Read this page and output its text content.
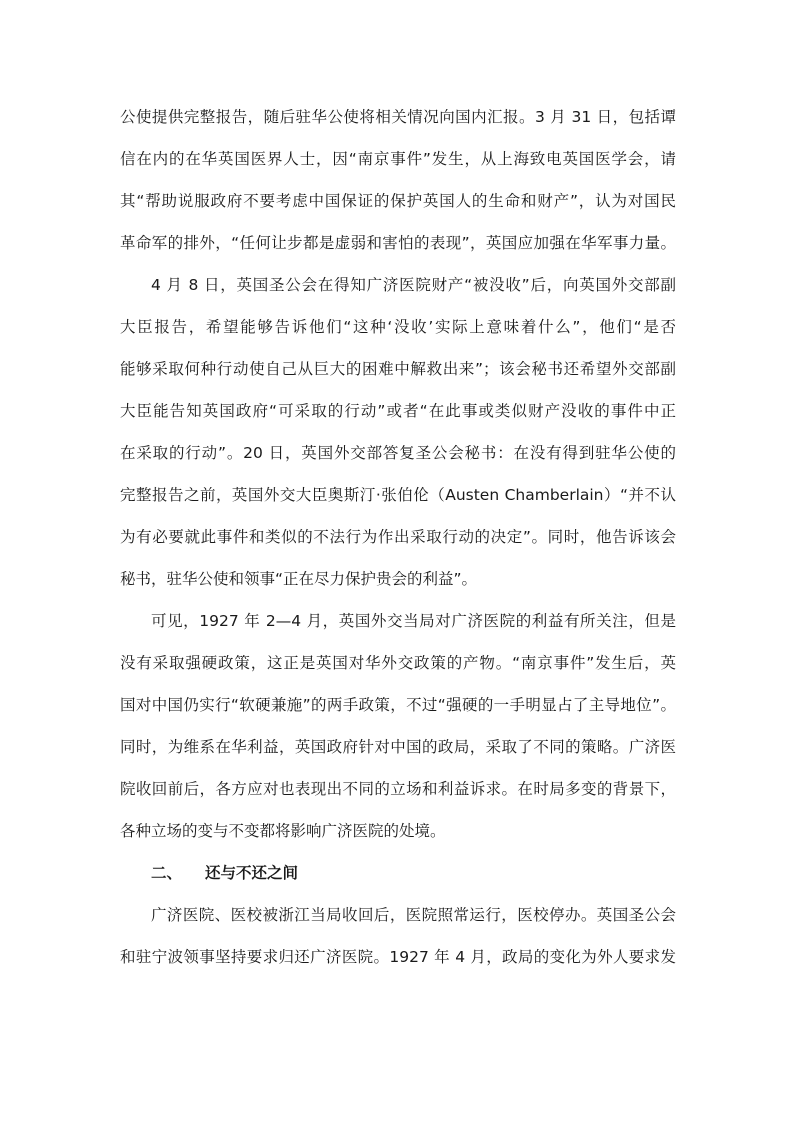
公使提供完整报告，随后驻华公使将相关情况向国内汇报。3 月 31 日，包括谭
信在内的在华英国医界人士，因“南京事件”发生，从上海致电英国医学会，请
其“帮助说服政府不要考虑中国保证的保护英国人的生命和财产”，认为对国民
革命军的排外，“任何让步都是虚弱和害怕的表现”，英国应加强在华军事力量。
4 月 8 日，英国圣公会在得知广济医院财产“被没收”后，向英国外交部副
大臣报告，希望能够告诉他们“这种‘没收’实际上意味着什么”，他们“是否
能够采取何种行动使自己从巨大的困难中解救出来”；该会秘书还希望外交部副
大臣能告知英国政府“可采取的行动”或者“在此事或类似财产没收的事件中正
在采取的行动”。20 日，英国外交部答复圣公会秘书：在没有得到驻华公使的
完整报告之前，英国外交大臣奥斯汀·张伯伦（Austen Chamberlain）“并不认
为有必要就此事件和类似的不法行为作出采取行动的决定”。同时，他告诉该会
秘书，驻华公使和领事“正在尽力保护贵会的利益”。
可见，1927 年 2—4 月，英国外交当局对广济医院的利益有所关注，但是
没有采取强硬政策，这正是英国对华外交政策的产物。“南京事件”发生后，英
国对中国仍实行“软硬兼施”的两手政策，不过“强硬的一手明显占了主导地位”。
同时，为维系在华利益，英国政府针对中国的政局，采取了不同的策略。广济医
院收回前后，各方应对也表现出不同的立场和利益诉求。在时局多变的背景下，
各种立场的变与不变都将影响广济医院的处境。
二、 还与不还之间
广济医院、医校被浙江当局收回后，医院照常运行，医校停办。英国圣公会
和驻宁波领事坚持要求归还广济医院。1927 年 4 月，政局的变化为外人要求发
